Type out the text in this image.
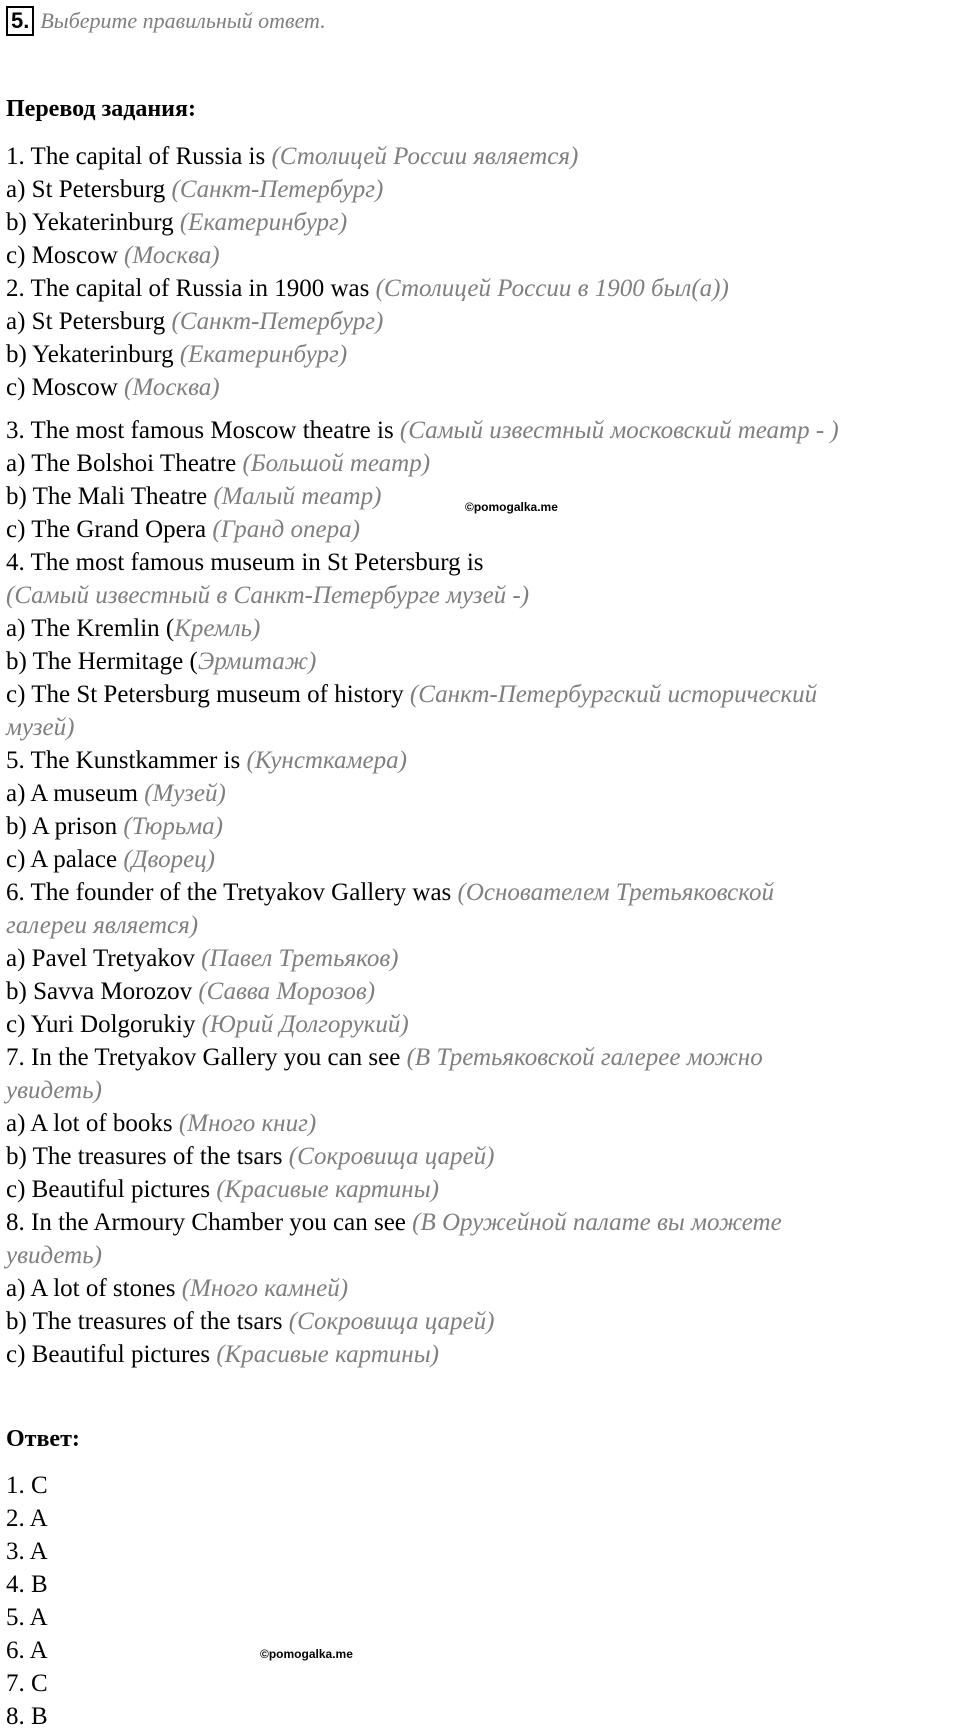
5. Выберите правильный ответ.
Перевод задания:
1. The capital of Russia is (Столицей России является)
a) St Petersburg (Санкт-Петербург)
b) Yekaterinburg (Екатеринбург)
c) Moscow (Москва)
2. The capital of Russia in 1900 was (Столицей России в 1900 был(а))
a) St Petersburg (Санкт-Петербург)
b) Yekaterinburg (Екатеринбург)
c) Moscow (Москва)
3. The most famous Moscow theatre is (Самый известный московский театр - )
a) The Bolshoi Theatre (Большой театр)
b) The Mali Theatre (Малый театр)
c) The Grand Opera (Гранд опера)
4. The most famous museum in St Petersburg is
(Самый известный в Санкт-Петербурге музей -)
a) The Kremlin (Кремль)
b) The Hermitage (Эрмитаж)
c) The St Petersburg museum of history (Санкт-Петербургский исторический
музей)
5. The Kunstkammer is (Кунсткамера)
a) A museum (Музей)
b) A prison (Тюрьма)
c) A palace (Дворец)
6. The founder of the Tretyakov Gallery was (Основателем Третьяковской
галереи является)
a) Pavel Tretyakov (Павел Третьяков)
b) Savva Morozov (Савва Морозов)
c) Yuri Dolgorukiy (Юрий Долгорукий)
7. In the Tretyakov Gallery you can see (В Третьяковской галерее можно
увидеть)
a) A lot of books (Много книг)
b) The treasures of the tsars (Сокровища царей)
c) Beautiful pictures (Красивые картины)
8. In the Armoury Chamber you can see (В Оружейной палате вы можете
увидеть)
a) A lot of stones (Много камней)
b) The treasures of the tsars (Сокровища царей)
c) Beautiful pictures (Красивые картины)
Ответ:
1. C
2. A
3. A
4. B
5. A
6. A
7. C
8. B
©pomogalka.me
©pomogalka.me
